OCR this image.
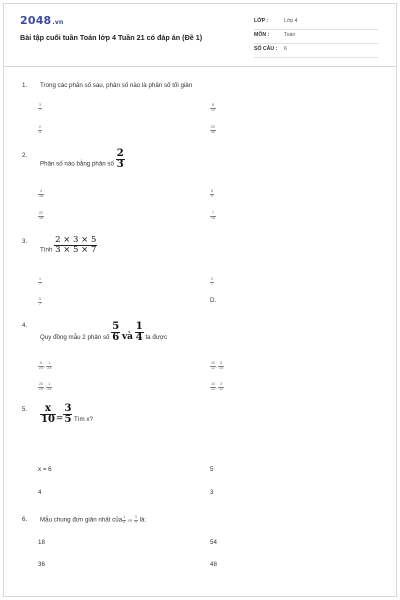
2048.vn
Bài tập cuối tuần Toán lớp 4 Tuần 21 có đáp án (Đề 1)
LỚP :	Lớp 4
MÔN :	Toán
SỐ CÂU : 6
1. Trong các phân số sau, phân số nào là phân số tối giản
$\frac{3}{7}$	$\frac{8}{12}$
$\frac{2}{4}$	$\frac{20}{35}$
2.
Phân số nào bằng phân số $\frac{2}{3}$
$\frac{4}{18}$	$\frac{6}{9}$
$\frac{22}{18}$	$\frac{7}{15}$
3.
Tính $\frac{2 \times 3 \times 5}{3 \times 5 \times 7}$
$\frac{1}{7}$	$\frac{2}{7}$
$\frac{5}{7}$	D.
4.
Quy đồng mẫu 2 phân số $\frac{5}{6}$ và $\frac{1}{4}$ ta được
$\frac{5}{24}$ , $\frac{1}{24}$	$\frac{10}{12}$ , $\frac{6}{24}$
$\frac{20}{24}$ , $\frac{1}{24}$	$\frac{10}{12}$ , $\frac{3}{12}$
5. $\frac{x}{10} = \frac{3}{5}$ Tìm x?
x = 6	5
4	3
6. Mẫu chung đơn giản nhất của $\frac{1}{6}$ và $\frac{3}{9}$ là:
18	54
36	48
